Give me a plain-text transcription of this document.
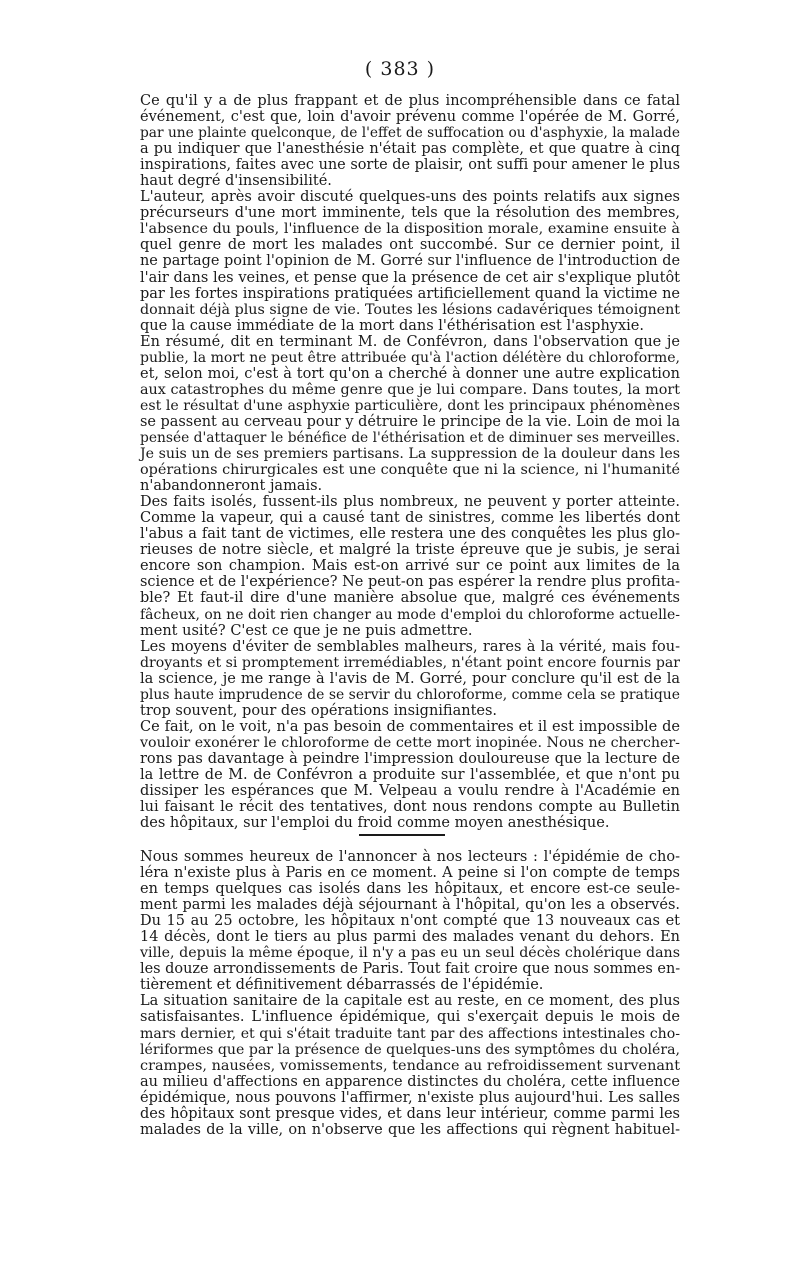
( 383 )
Ce qu'il y a de plus frappant et de plus incompréhensible dans ce fatal
événement, c'est que, loin d'avoir prévenu comme l'opérée de M. Gorré,
par une plainte quelconque, de l'effet de suffocation ou d'asphyxie, la malade
a pu indiquer que l'anesthésie n'était pas complète, et que quatre à cinq
inspirations, faites avec une sorte de plaisir, ont suffi pour amener le plus
haut degré d'insensibilité.
L'auteur, après avoir discuté quelques-uns des points relatifs aux signes
précurseurs d'une mort imminente, tels que la résolution des membres,
l'absence du pouls, l'influence de la disposition morale, examine ensuite à
quel genre de mort les malades ont succombé. Sur ce dernier point, il
ne partage point l'opinion de M. Gorré sur l'influence de l'introduction de
l'air dans les veines, et pense que la présence de cet air s'explique plutôt
par les fortes inspirations pratiquées artificiellement quand la victime ne
donnait déjà plus signe de vie. Toutes les lésions cadavériques témoignent
que la cause immédiate de la mort dans l'éthérisation est l'asphyxie.
En résumé, dit en terminant M. de Confévron, dans l'observation que je
publie, la mort ne peut être attribuée qu'à l'action délétère du chloroforme,
et, selon moi, c'est à tort qu'on a cherché à donner une autre explication
aux catastrophes du même genre que je lui compare. Dans toutes, la mort
est le résultat d'une asphyxie particulière, dont les principaux phénomènes
se passent au cerveau pour y détruire le principe de la vie. Loin de moi la
pensée d'attaquer le bénéfice de l'éthérisation et de diminuer ses merveilles.
Je suis un de ses premiers partisans. La suppression de la douleur dans les
opérations chirurgicales est une conquête que ni la science, ni l'humanité
n'abandonneront jamais.
Des faits isolés, fussent-ils plus nombreux, ne peuvent y porter atteinte.
Comme la vapeur, qui a causé tant de sinistres, comme les libertés dont
l'abus a fait tant de victimes, elle restera une des conquêtes les plus glo-
rieuses de notre siècle, et malgré la triste épreuve que je subis, je serai
encore son champion. Mais est-on arrivé sur ce point aux limites de la
science et de l'expérience? Ne peut-on pas espérer la rendre plus profita-
ble? Et faut-il dire d'une manière absolue que, malgré ces événements
fâcheux, on ne doit rien changer au mode d'emploi du chloroforme actuelle-
ment usité? C'est ce que je ne puis admettre.
Les moyens d'éviter de semblables malheurs, rares à la vérité, mais fou-
droyants et si promptement irremédiables, n'étant point encore fournis par
la science, je me range à l'avis de M. Gorré, pour conclure qu'il est de la
plus haute imprudence de se servir du chloroforme, comme cela se pratique
trop souvent, pour des opérations insignifiantes.
Ce fait, on le voit, n'a pas besoin de commentaires et il est impossible de
vouloir exonérer le chloroforme de cette mort inopinée. Nous ne chercher-
rons pas davantage à peindre l'impression douloureuse que la lecture de
la lettre de M. de Confévron a produite sur l'assemblée, et que n'ont pu
dissiper les espérances que M. Velpeau a voulu rendre à l'Académie en
lui faisant le récit des tentatives, dont nous rendons compte au Bulletin
des hôpitaux, sur l'emploi du froid comme moyen anesthésique.
Nous sommes heureux de l'annoncer à nos lecteurs : l'épidémie de cho-
léra n'existe plus à Paris en ce moment. A peine si l'on compte de temps
en temps quelques cas isolés dans les hôpitaux, et encore est-ce seule-
ment parmi les malades déjà séjournant à l'hôpital, qu'on les a observés.
Du 15 au 25 octobre, les hôpitaux n'ont compté que 13 nouveaux cas et
14 décès, dont le tiers au plus parmi des malades venant du dehors. En
ville, depuis la même époque, il n'y a pas eu un seul décès cholérique dans
les douze arrondissements de Paris. Tout fait croire que nous sommes en-
tièrement et définitivement débarrassés de l'épidémie.
La situation sanitaire de la capitale est au reste, en ce moment, des plus
satisfaisantes. L'influence épidémique, qui s'exerçait depuis le mois de
mars dernier, et qui s'était traduite tant par des affections intestinales cho-
lériformes que par la présence de quelques-uns des symptômes du choléra,
crampes, nausées, vomissements, tendance au refroidissement survenant
au milieu d'affections en apparence distinctes du choléra, cette influence
épidémique, nous pouvons l'affirmer, n'existe plus aujourd'hui. Les salles
des hôpitaux sont presque vides, et dans leur intérieur, comme parmi les
malades de la ville, on n'observe que les affections qui règnent habituel-
